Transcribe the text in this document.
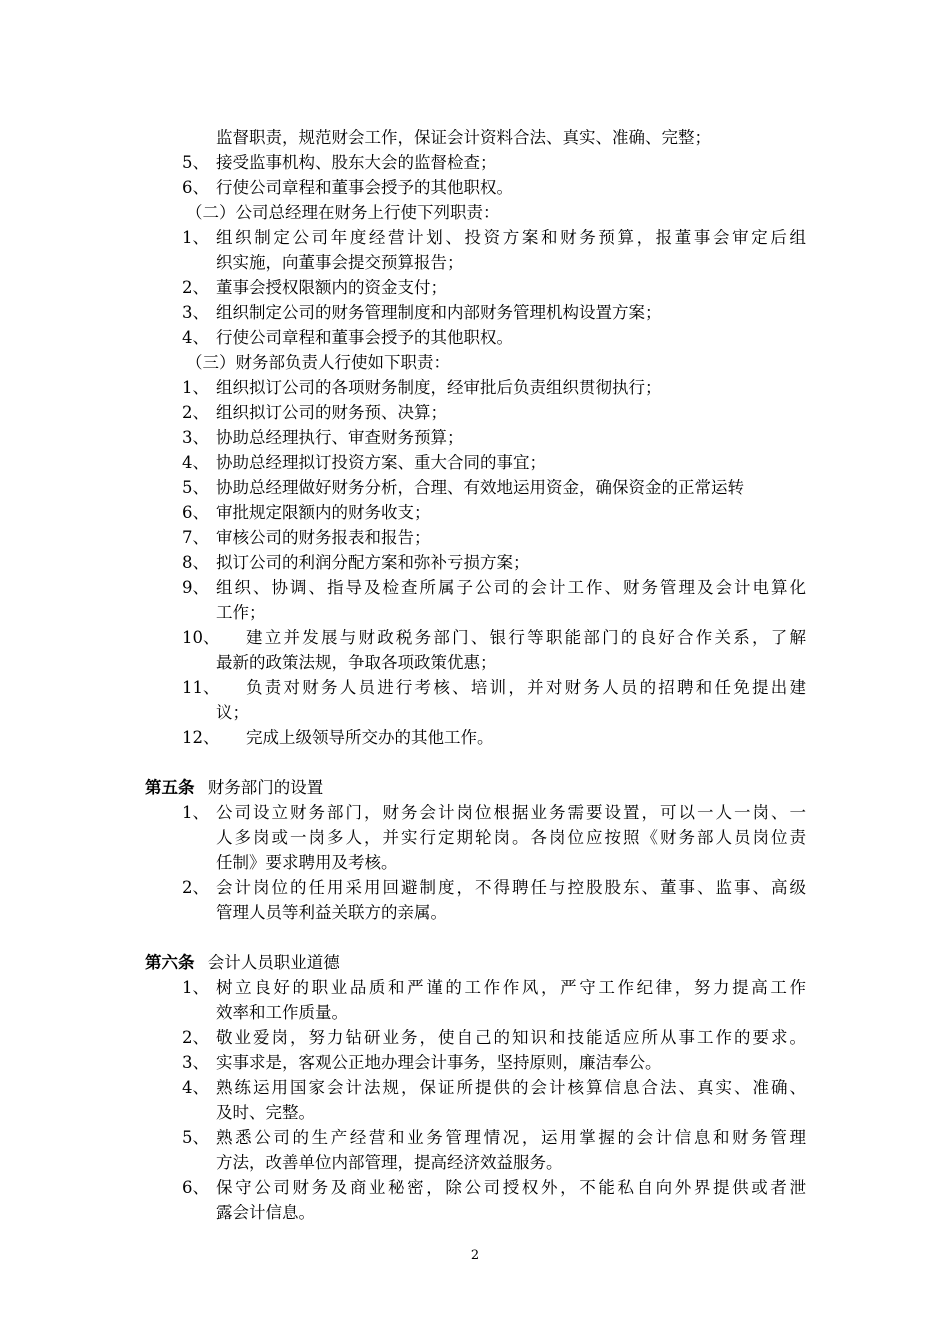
监督职责，规范财会工作，保证会计资料合法、真实、准确、完整；
5、 接受监事机构、股东大会的监督检查；
6、 行使公司章程和董事会授予的其他职权。
（二）公司总经理在财务上行使下列职责：
1、 组织制定公司年度经营计划、投资方案和财务预算，报董事会审定后组
织实施，向董事会提交预算报告；
2、 董事会授权限额内的资金支付；
3、 组织制定公司的财务管理制度和内部财务管理机构设置方案；
4、 行使公司章程和董事会授予的其他职权。
（三）财务部负责人行使如下职责：
1、 组织拟订公司的各项财务制度，经审批后负责组织贯彻执行；
2、 组织拟订公司的财务预、决算；
3、 协助总经理执行、审查财务预算；
4、 协助总经理拟订投资方案、重大合同的事宜；
5、 协助总经理做好财务分析，合理、有效地运用资金，确保资金的正常运转
6、 审批规定限额内的财务收支；
7、 审核公司的财务报表和报告；
8、 拟订公司的利润分配方案和弥补亏损方案；
9、 组织、协调、指导及检查所属子公司的会计工作、财务管理及会计电算化
工作；
10、 建立并发展与财政税务部门、银行等职能部门的良好合作关系，了解
最新的政策法规，争取各项政策优惠；
11、 负责对财务人员进行考核、培训，并对财务人员的招聘和任免提出建
议；
12、 完成上级领导所交办的其他工作。
第五条 财务部门的设置
1、 公司设立财务部门，财务会计岗位根据业务需要设置，可以一人一岗、一
人多岗或一岗多人，并实行定期轮岗。各岗位应按照《财务部人员岗位责
任制》要求聘用及考核。
2、 会计岗位的任用采用回避制度，不得聘任与控股股东、董事、监事、高级
管理人员等利益关联方的亲属。
第六条 会计人员职业道德
1、 树立良好的职业品质和严谨的工作作风，严守工作纪律，努力提高工作
效率和工作质量。
2、 敬业爱岗，努力钻研业务，使自己的知识和技能适应所从事工作的要求。
3、 实事求是，客观公正地办理会计事务，坚持原则，廉洁奉公。
4、 熟练运用国家会计法规，保证所提供的会计核算信息合法、真实、准确、
及时、完整。
5、 熟悉公司的生产经营和业务管理情况，运用掌握的会计信息和财务管理
方法，改善单位内部管理，提高经济效益服务。
6、 保守公司财务及商业秘密，除公司授权外，不能私自向外界提供或者泄
露会计信息。
2
